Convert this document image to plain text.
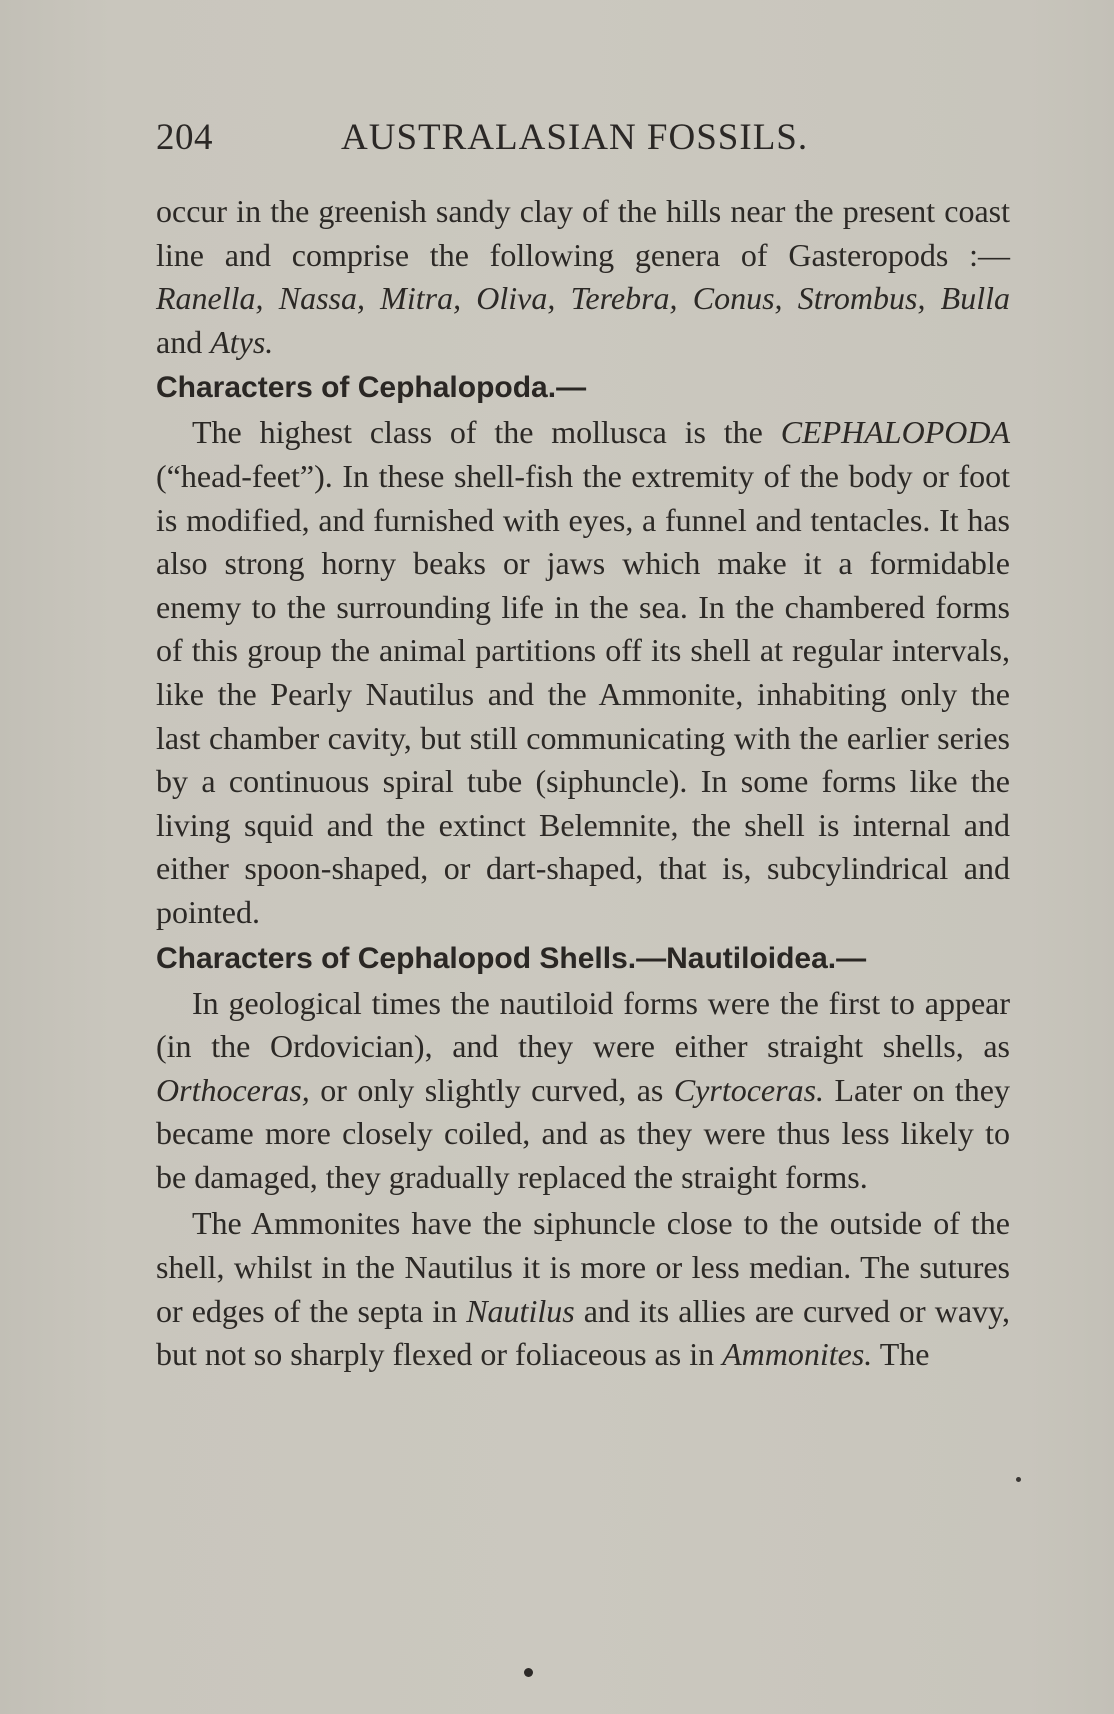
204	AUSTRALASIAN FOSSILS.

occur in the greenish sandy clay of the hills near the present coast line and comprise the following genera of Gasteropods :—Ranella, Nassa, Mitra, Oliva, Terebra, Conus, Strombus, Bulla and Atys.

Characters of Cephalopoda.—

The highest class of the mollusca is the CEPHALOPODA (“head-feet”). In these shell-fish the extremity of the body or foot is modified, and furnished with eyes, a funnel and tentacles. It has also strong horny beaks or jaws which make it a formidable enemy to the surrounding life in the sea. In the chambered forms of this group the animal partitions off its shell at regular intervals, like the Pearly Nautilus and the Ammonite, inhabiting only the last chamber cavity, but still communicating with the earlier series by a continuous spiral tube (siphuncle). In some forms like the living squid and the extinct Belemnite, the shell is internal and either spoon-shaped, or dart-shaped, that is, subcylindrical and pointed.

Characters of Cephalopod Shells.—Nautiloidea.—

In geological times the nautiloid forms were the first to appear (in the Ordovician), and they were either straight shells, as Orthoceras, or only slightly curved, as Cyrtoceras. Later on they became more closely coiled, and as they were thus less likely to be damaged, they gradually replaced the straight forms.

The Ammonites have the siphuncle close to the outside of the shell, whilst in the Nautilus it is more or less median. The sutures or edges of the septa in Nautilus and its allies are curved or wavy, but not so sharply flexed or foliaceous as in Ammonites. The
